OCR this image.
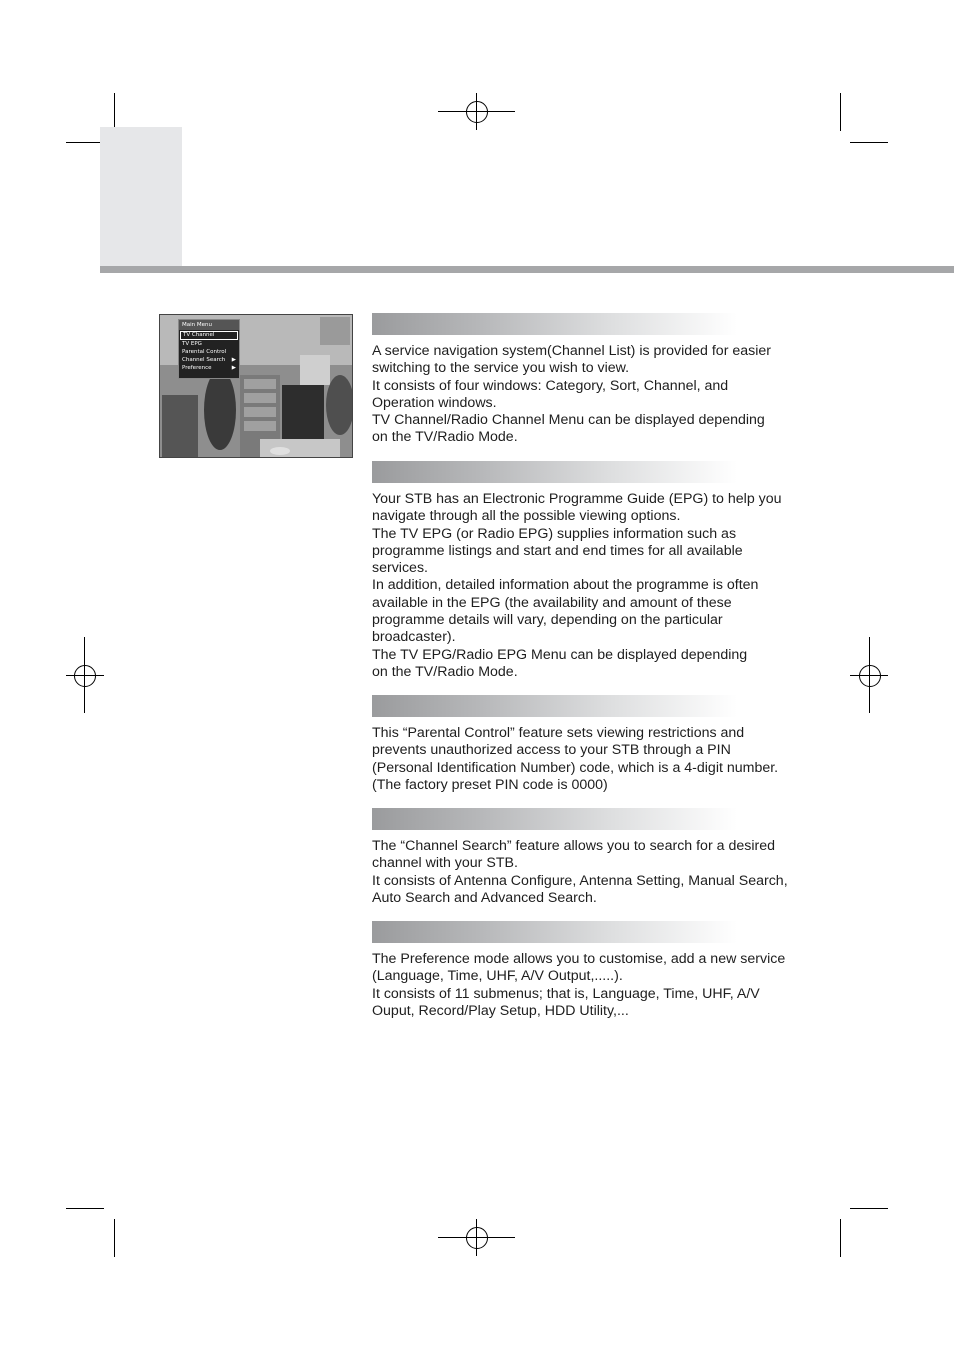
Main Menu
TV Channel
TV EPG
Parental Control
Channel Search ▶
Preference	▶
A service navigation system(Channel List) is provided for easier
switching to the service you wish to view.
It consists of four windows: Category, Sort, Channel, and
Operation windows.
TV Channel/Radio Channel Menu can be displayed depending
on the TV/Radio Mode.
Your STB has an Electronic Programme Guide (EPG) to help you
navigate through all the possible viewing options.
The TV EPG (or Radio EPG) supplies information such as
programme listings and start and end times for all available
services.
In addition, detailed information about the programme is often
available in the EPG (the availability and amount of these
programme details will vary, depending on the particular
broadcaster).
The TV EPG/Radio EPG Menu can be displayed depending
on the TV/Radio Mode.
This “Parental Control” feature sets viewing restrictions and
prevents unauthorized access to your STB through a PIN
(Personal Identification Number) code, which is a 4-digit number.
(The factory preset PIN code is 0000)
The “Channel Search” feature allows you to search for a desired
channel with your STB.
It consists of Antenna Configure, Antenna Setting, Manual Search,
Auto Search and Advanced Search.
The Preference mode allows you to customise, add a new service
(Language, Time, UHF, A/V Output,.....).
It consists of 11 submenus; that is, Language, Time, UHF, A/V
Ouput, Record/Play Setup, HDD Utility,...
